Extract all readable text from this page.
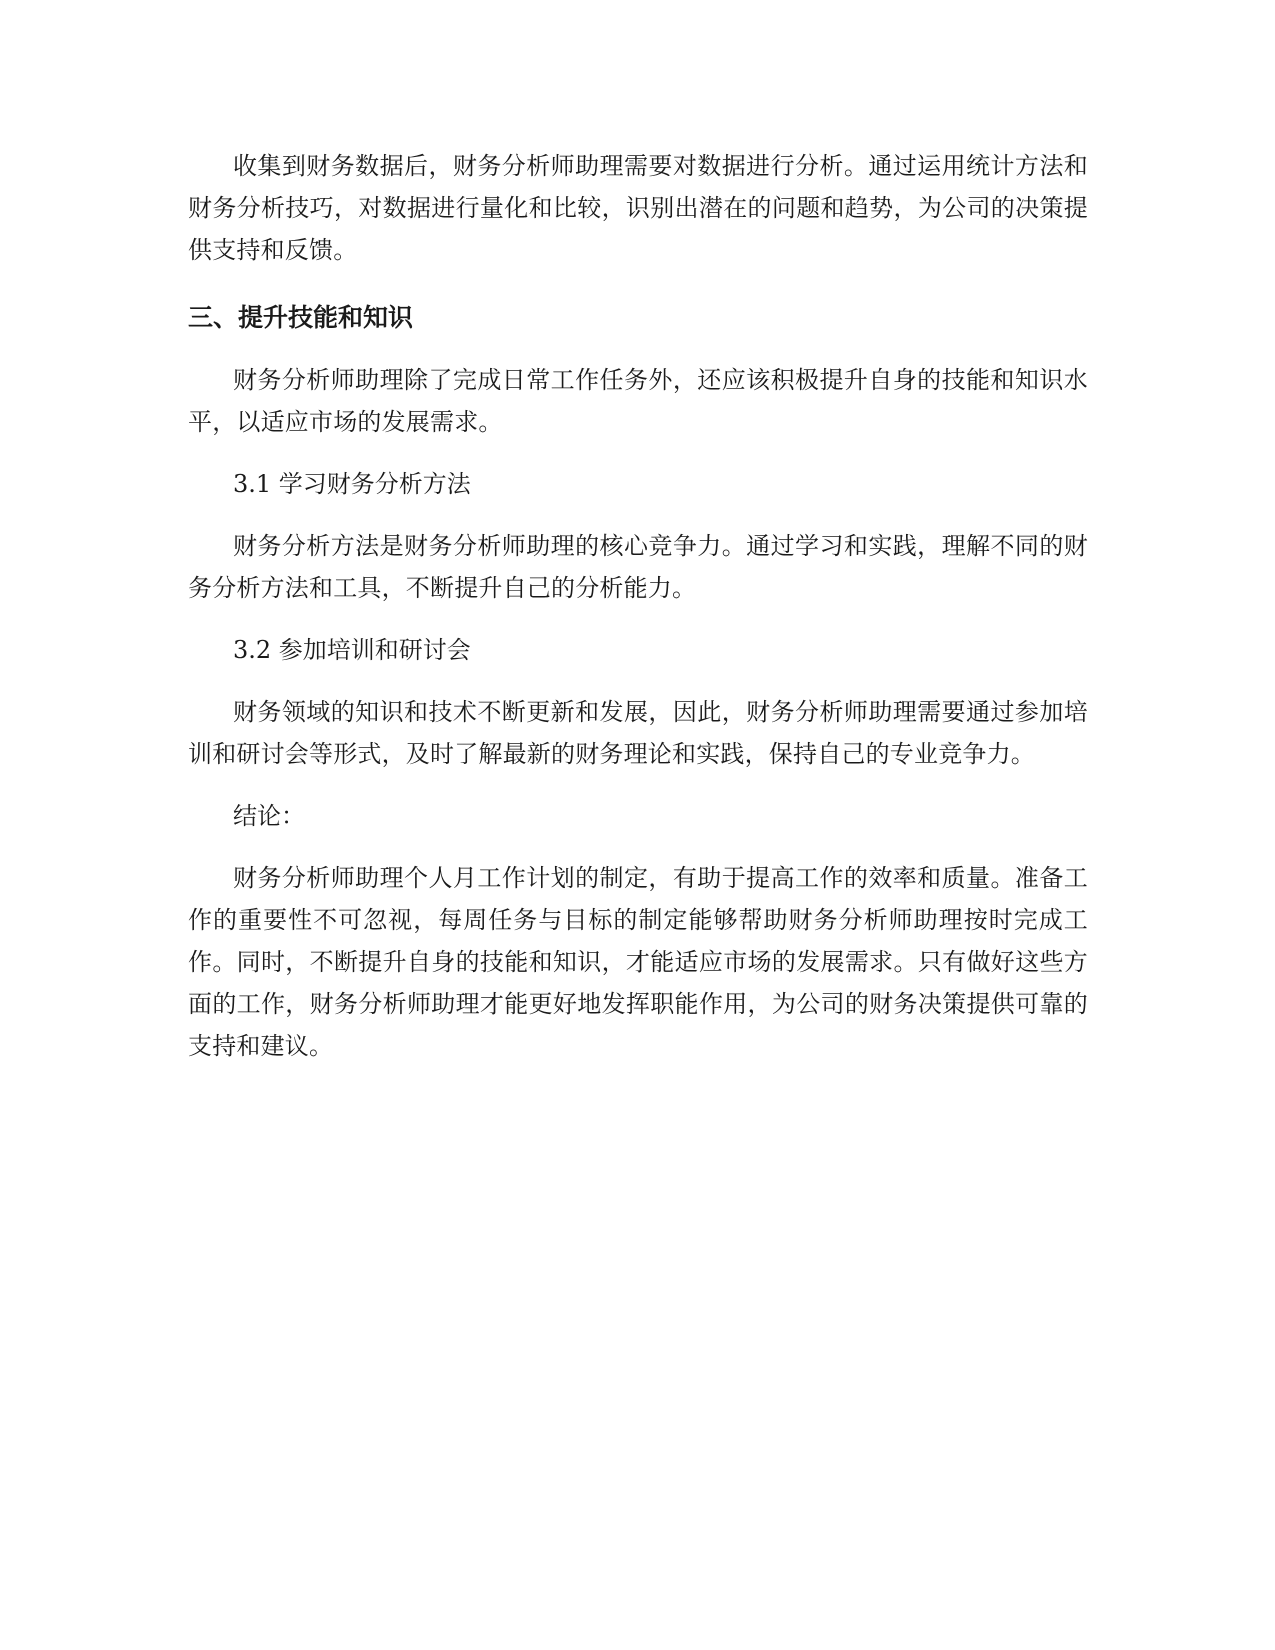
收集到财务数据后，财务分析师助理需要对数据进行分析。通过运用统计方法和财务分析技巧，对数据进行量化和比较，识别出潜在的问题和趋势，为公司的决策提供支持和反馈。

三、提升技能和知识

财务分析师助理除了完成日常工作任务外，还应该积极提升自身的技能和知识水平，以适应市场的发展需求。

3.1 学习财务分析方法

财务分析方法是财务分析师助理的核心竞争力。通过学习和实践，理解不同的财务分析方法和工具，不断提升自己的分析能力。

3.2 参加培训和研讨会

财务领域的知识和技术不断更新和发展，因此，财务分析师助理需要通过参加培训和研讨会等形式，及时了解最新的财务理论和实践，保持自己的专业竞争力。

结论：

财务分析师助理个人月工作计划的制定，有助于提高工作的效率和质量。准备工作的重要性不可忽视，每周任务与目标的制定能够帮助财务分析师助理按时完成工作。同时，不断提升自身的技能和知识，才能适应市场的发展需求。只有做好这些方面的工作，财务分析师助理才能更好地发挥职能作用，为公司的财务决策提供可靠的支持和建议。
